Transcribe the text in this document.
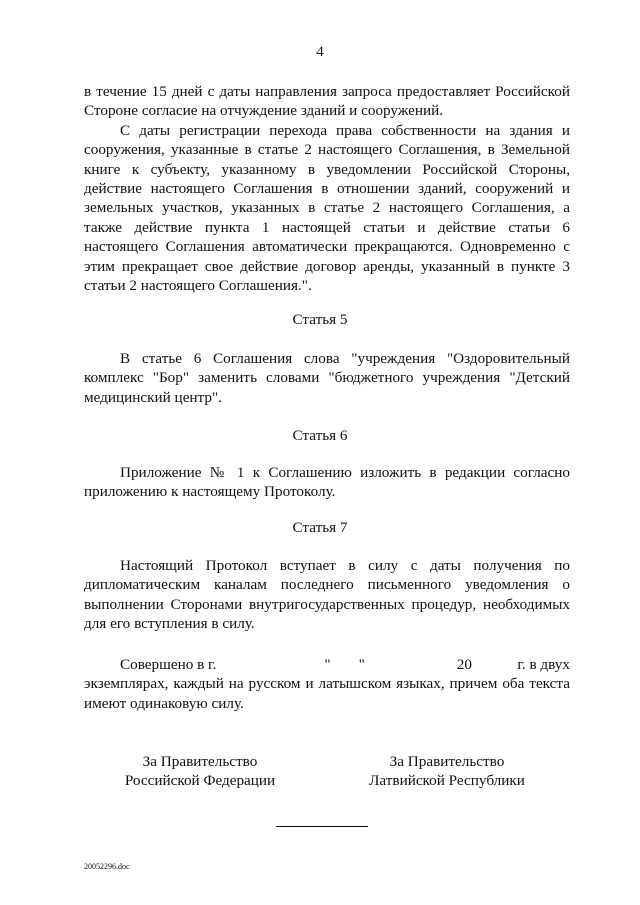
4

в течение 15 дней с даты направления запроса предоставляет Российской Стороне согласие на отчуждение зданий и сооружений.

С даты регистрации перехода права собственности на здания и сооружения, указанные в статье 2 настоящего Соглашения, в Земельной книге к субъекту, указанному в уведомлении Российской Стороны, действие настоящего Соглашения в отношении зданий, сооружений и земельных участков, указанных в статье 2 настоящего Соглашения, а также действие пункта 1 настоящей статьи и действие статьи 6 настоящего Соглашения автоматически прекращаются. Одновременно с этим прекращает свое действие договор аренды, указанный в пункте 3 статьи 2 настоящего Соглашения.".

Статья 5

В статье 6 Соглашения слова "учреждения "Оздоровительный комплекс "Бор" заменить словами "бюджетного учреждения "Детский медицинский центр".

Статья 6

Приложение № 1 к Соглашению изложить в редакции согласно приложению к настоящему Протоколу.

Статья 7

Настоящий Протокол вступает в силу с даты получения по дипломатическим каналам последнего письменного уведомления о выполнении Сторонами внутригосударственных процедур, необходимых для его вступления в силу.

Совершено в г.	" "	20	г. в двух

экземплярах, каждый на русском и латышском языках, причем оба текста имеют одинаковую силу.

За Правительство
Российской Федерации
За Правительство
Латвийской Республики
20052296.doc
